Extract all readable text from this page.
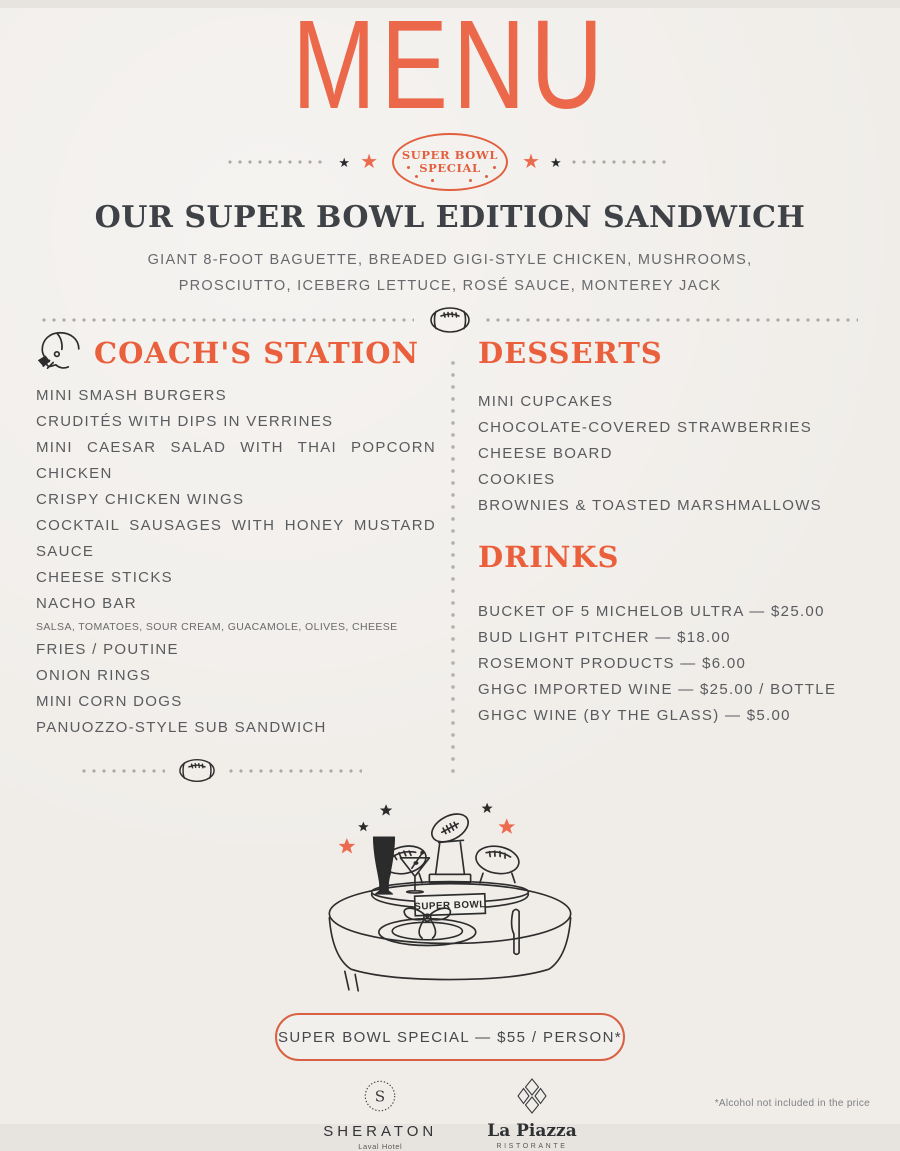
MENU
★ ★ SUPER BOWL
SPECIAL ★ ★
OUR SUPER BOWL EDITION SANDWICH
GIANT 8-FOOT BAGUETTE, BREADED GIGI-STYLE CHICKEN, MUSHROOMS,
PROSCIUTTO, ICEBERG LETTUCE, ROSÉ SAUCE, MONTEREY JACK
COACH'S STATION
MINI SMASH BURGERS
CRUDITÉS WITH DIPS IN VERRINES
MINI CAESAR SALAD WITH THAI POPCORN CHICKEN
CRISPY CHICKEN WINGS
COCKTAIL SAUSAGES WITH HONEY MUSTARD SAUCE
CHEESE STICKS
NACHO BAR
SALSA, TOMATOES, SOUR CREAM, GUACAMOLE, OLIVES, CHEESE
FRIES / POUTINE
ONION RINGS
MINI CORN DOGS
PANUOZZO-STYLE SUB SANDWICH
DESSERTS
MINI CUPCAKES
CHOCOLATE-COVERED STRAWBERRIES
CHEESE BOARD
COOKIES
BROWNIES & TOASTED MARSHMALLOWS
DRINKS
BUCKET OF 5 MICHELOB ULTRA — $25.00
BUD LIGHT PITCHER — $18.00
ROSEMONT PRODUCTS — $6.00
GHGC IMPORTED WINE — $25.00 / BOTTLE
GHGC WINE (BY THE GLASS) — $5.00
SUPER BOWL
SUPER BOWL SPECIAL — $55 / PERSON*
S
SHERATON
Laval Hotel
La Piazza
RISTORANTE
*Alcohol not included in the price
